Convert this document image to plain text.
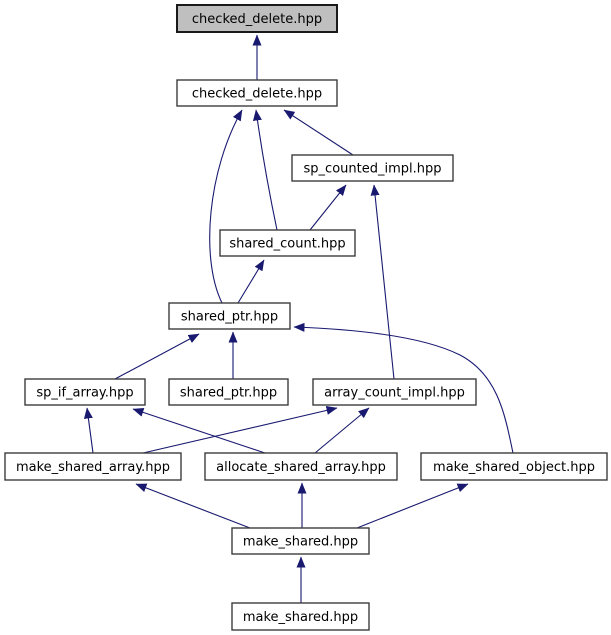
checked_delete.hpp
checked_delete.hpp
sp_counted_impl.hpp
shared_count.hpp
shared_ptr.hpp
sp_if_array.hpp	shared_ptr.hpp	array_count_impl.hpp
make_shared_array.hpp	allocate_shared_array.hpp	make_shared_object.hpp
make_shared.hpp
make_shared.hpp
